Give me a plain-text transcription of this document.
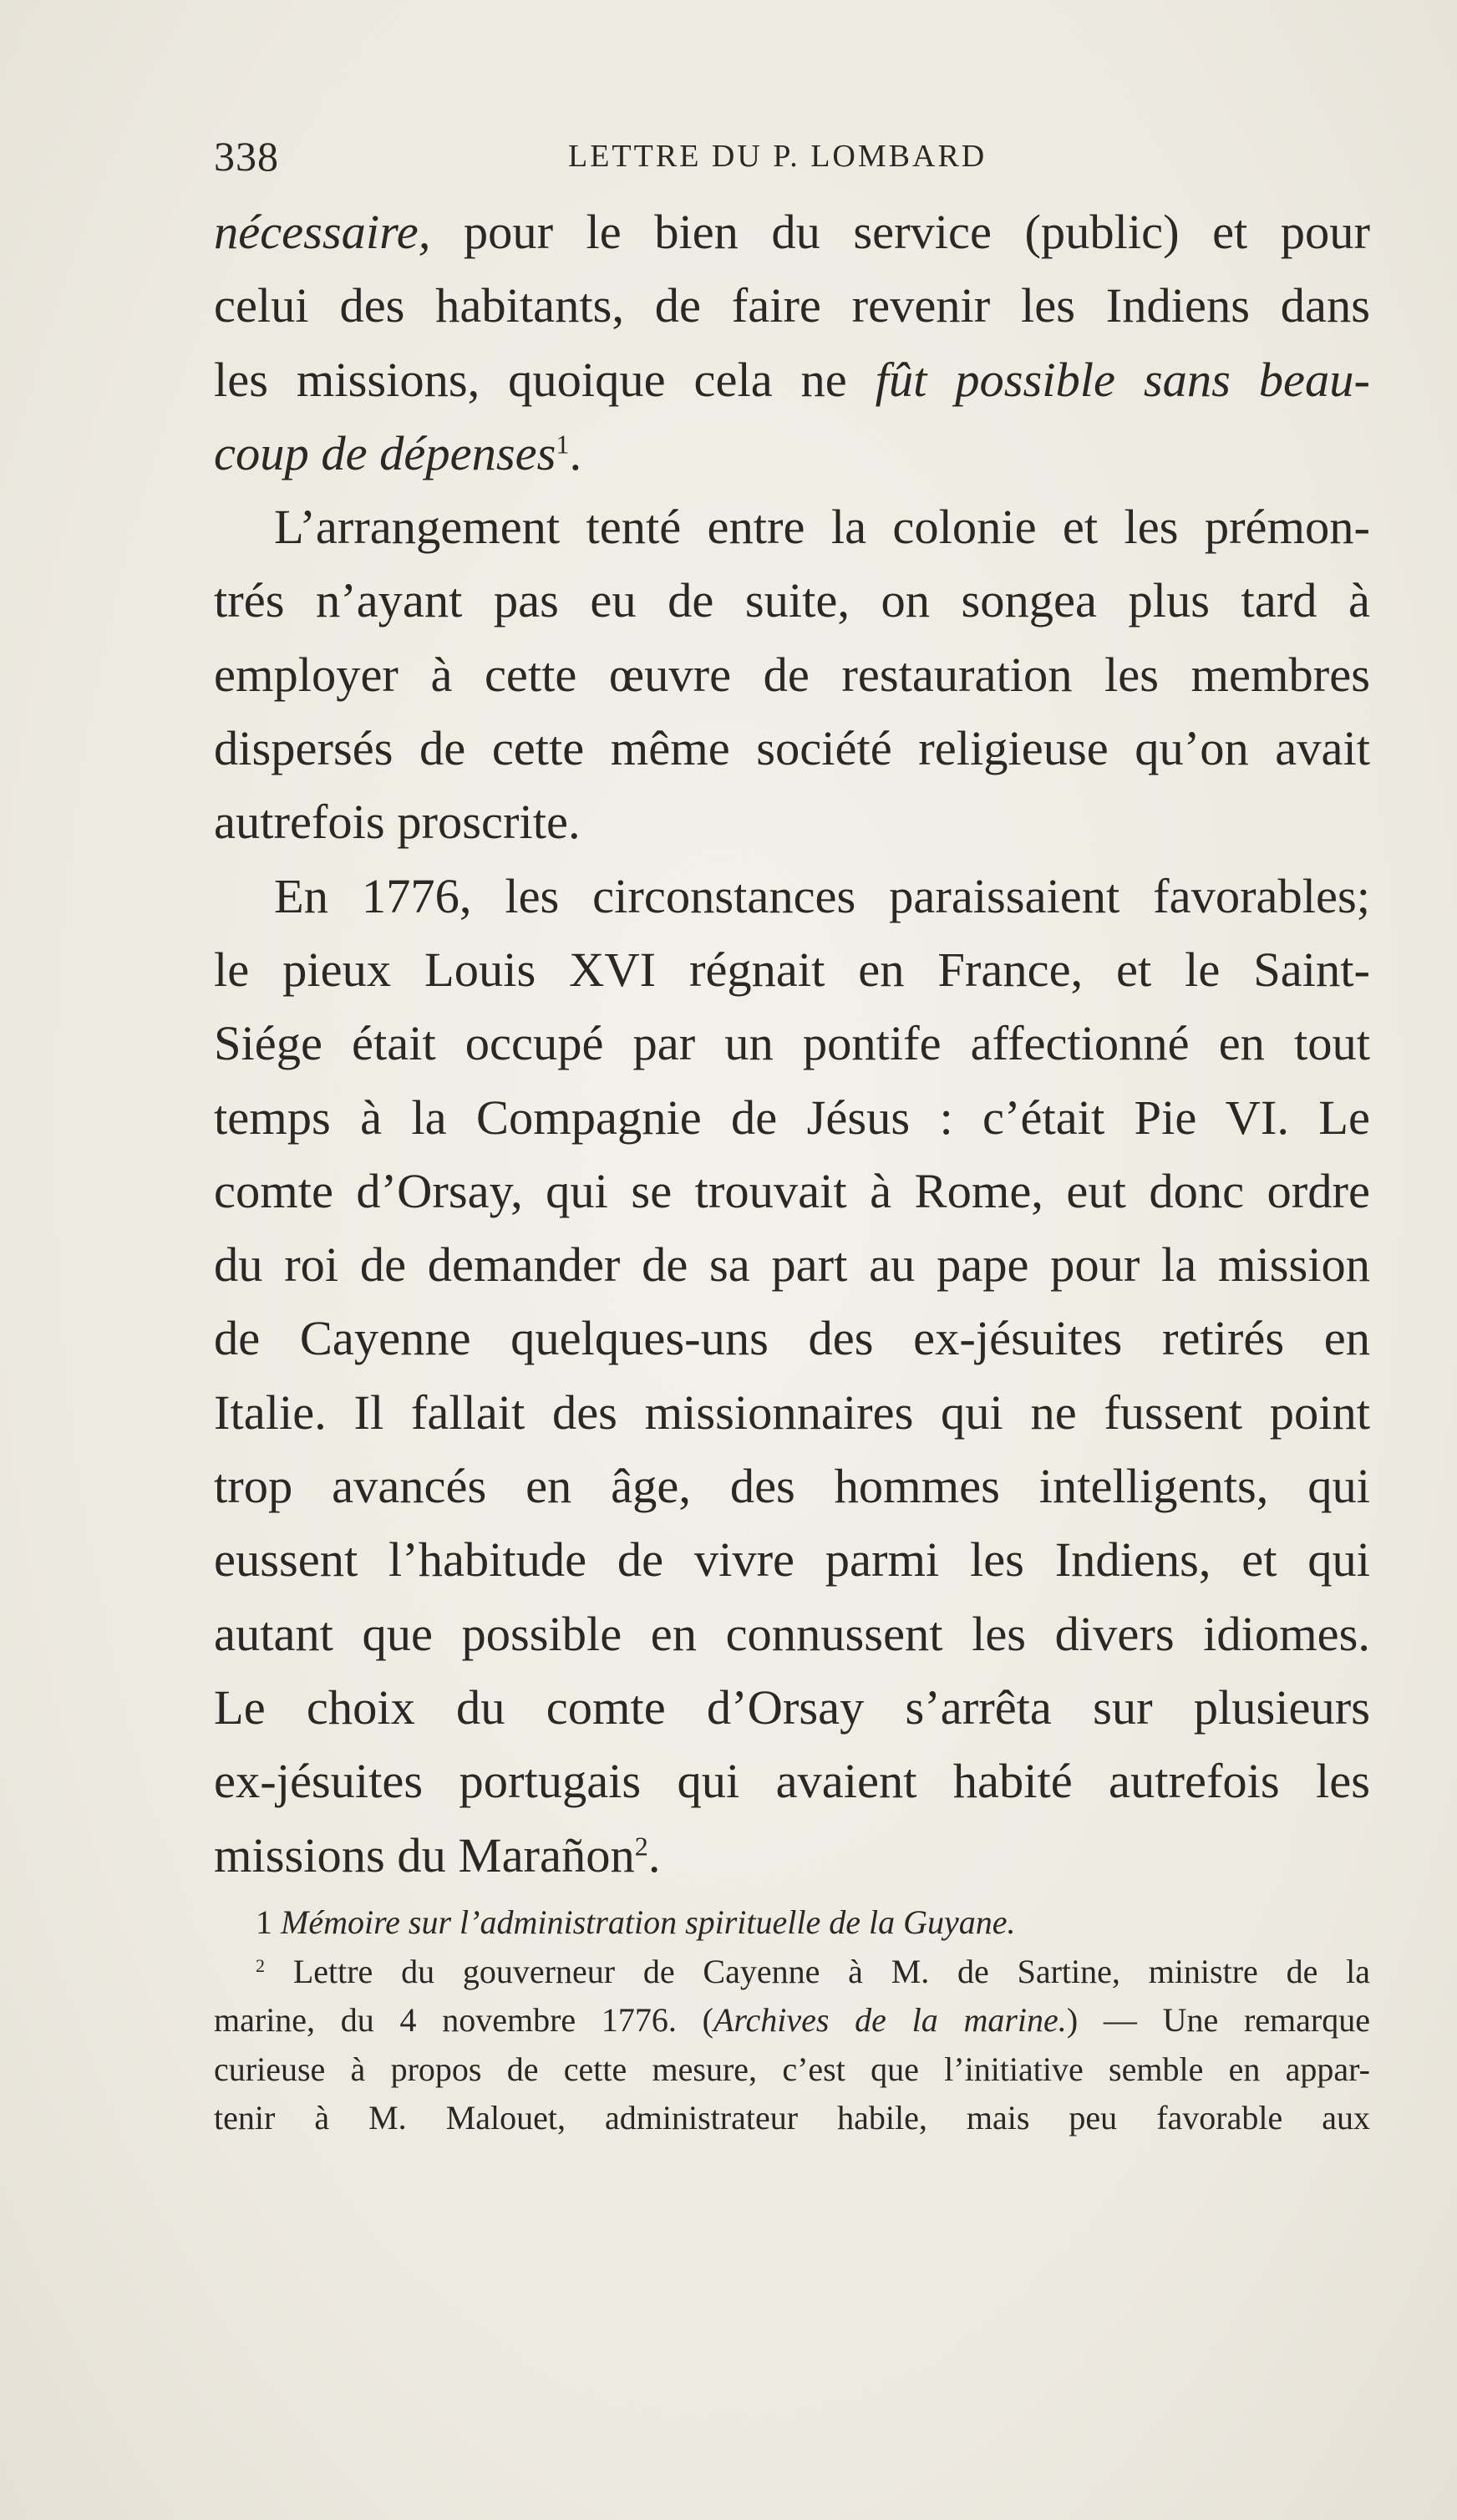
338	LETTRE DU P. LOMBARD
nécessaire, pour le bien du service (public) et pour
celui des habitants, de faire revenir les Indiens dans
les missions, quoique cela ne fût possible sans beau-
coup de dépenses$^1$.
L’arrangement tenté entre la colonie et les prémon-
trés n’ayant pas eu de suite, on songea plus tard à
employer à cette œuvre de restauration les membres
dispersés de cette même société religieuse qu’on avait
autrefois proscrite.
En 1776, les circonstances paraissaient favorables;
le pieux Louis XVI régnait en France, et le Saint-
Siége était occupé par un pontife affectionné en tout
temps à la Compagnie de Jésus : c’était Pie VI. Le
comte d’Orsay, qui se trouvait à Rome, eut donc ordre
du roi de demander de sa part au pape pour la mission
de Cayenne quelques-uns des ex-jésuites retirés en
Italie. Il fallait des missionnaires qui ne fussent point
trop avancés en âge, des hommes intelligents, qui
eussent l’habitude de vivre parmi les Indiens, et qui
autant que possible en connussent les divers idiomes.
Le choix du comte d’Orsay s’arrêta sur plusieurs
ex-jésuites portugais qui avaient habité autrefois les
missions du Marañon$^2$.
1 Mémoire sur l’administration spirituelle de la Guyane.
$^2$ Lettre du gouverneur de Cayenne à M. de Sartine, ministre de la
marine, du 4 novembre 1776. (Archives de la marine.) — Une remarque
curieuse à propos de cette mesure, c’est que l’initiative semble en appar-
tenir à M. Malouet, administrateur habile, mais peu favorable aux
